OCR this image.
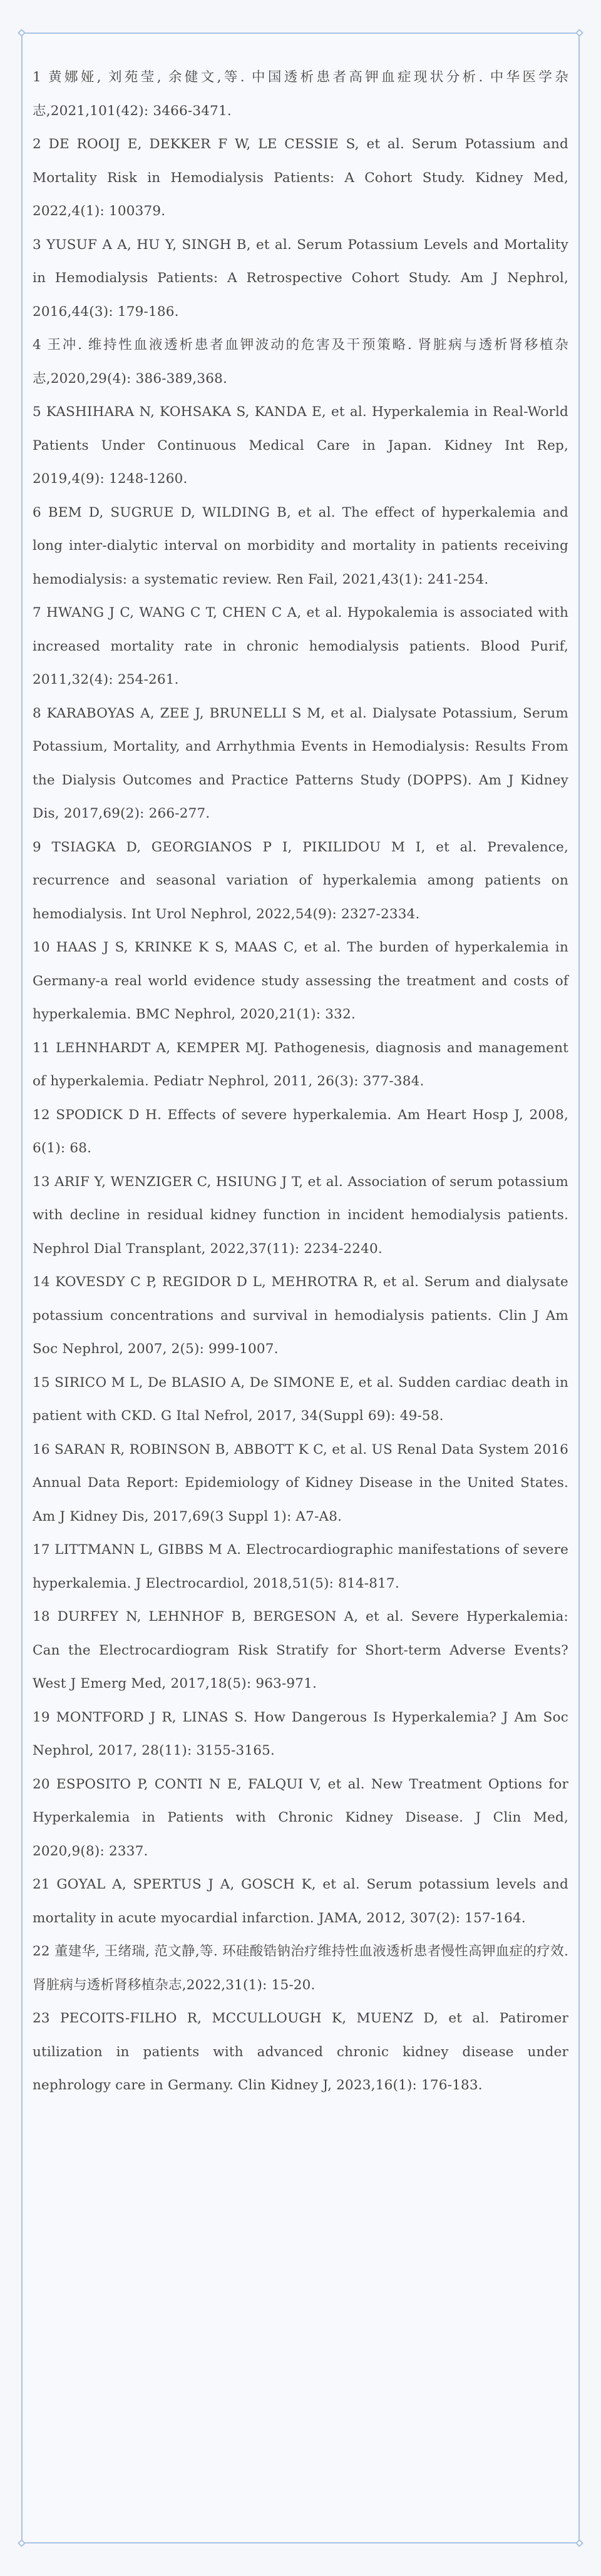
1 黄娜娅, 刘苑莹, 余健文,等. 中国透析患者高钾血症现状分析. 中华医学杂志,2021,101(42): 3466-3471.
2 DE ROOIJ E, DEKKER F W, LE CESSIE S, et al. Serum Potassium and Mortality Risk in Hemodialysis Patients: A Cohort Study. Kidney Med, 2022,4(1): 100379.
3 YUSUF A A, HU Y, SINGH B, et al. Serum Potassium Levels and Mortality in Hemodialysis Patients: A Retrospective Cohort Study. Am J Nephrol, 2016,44(3): 179-186.
4 王冲. 维持性血液透析患者血钾波动的危害及干预策略. 肾脏病与透析肾移植杂志,2020,29(4): 386-389,368.
5 KASHIHARA N, KOHSAKA S, KANDA E, et al. Hyperkalemia in Real-World Patients Under Continuous Medical Care in Japan. Kidney Int Rep, 2019,4(9): 1248-1260.
6 BEM D, SUGRUE D, WILDING B, et al. The effect of hyperkalemia and long inter-dialytic interval on morbidity and mortality in patients receiving hemodialysis: a systematic review. Ren Fail, 2021,43(1): 241-254.
7 HWANG J C, WANG C T, CHEN C A, et al. Hypokalemia is associated with increased mortality rate in chronic hemodialysis patients. Blood Purif, 2011,32(4): 254-261.
8 KARABOYAS A, ZEE J, BRUNELLI S M, et al. Dialysate Potassium, Serum Potassium, Mortality, and Arrhythmia Events in Hemodialysis: Results From the Dialysis Outcomes and Practice Patterns Study (DOPPS). Am J Kidney Dis, 2017,69(2): 266-277.
9 TSIAGKA D, GEORGIANOS P I, PIKILIDOU M I, et al. Prevalence, recurrence and seasonal variation of hyperkalemia among patients on hemodialysis. Int Urol Nephrol, 2022,54(9): 2327-2334.
10 HAAS J S, KRINKE K S, MAAS C, et al. The burden of hyperkalemia in Germany-a real world evidence study assessing the treatment and costs of hyperkalemia. BMC Nephrol, 2020,21(1): 332.
11 LEHNHARDT A, KEMPER MJ. Pathogenesis, diagnosis and management of hyperkalemia. Pediatr Nephrol, 2011, 26(3): 377-384.
12 SPODICK D H. Effects of severe hyperkalemia. Am Heart Hosp J, 2008, 6(1): 68.
13 ARIF Y, WENZIGER C, HSIUNG J T, et al. Association of serum potassium with decline in residual kidney function in incident hemodialysis patients. Nephrol Dial Transplant, 2022,37(11): 2234-2240.
14 KOVESDY C P, REGIDOR D L, MEHROTRA R, et al. Serum and dialysate potassium concentrations and survival in hemodialysis patients. Clin J Am Soc Nephrol, 2007, 2(5): 999-1007.
15 SIRICO M L, De BLASIO A, De SIMONE E, et al. Sudden cardiac death in patient with CKD. G Ital Nefrol, 2017, 34(Suppl 69): 49-58.
16 SARAN R, ROBINSON B, ABBOTT K C, et al. US Renal Data System 2016 Annual Data Report: Epidemiology of Kidney Disease in the United States. Am J Kidney Dis, 2017,69(3 Suppl 1): A7-A8.
17 LITTMANN L, GIBBS M A. Electrocardiographic manifestations of severe hyperkalemia. J Electrocardiol, 2018,51(5): 814-817.
18 DURFEY N, LEHNHOF B, BERGESON A, et al. Severe Hyperkalemia: Can the Electrocardiogram Risk Stratify for Short-term Adverse Events? West J Emerg Med, 2017,18(5): 963-971.
19 MONTFORD J R, LINAS S. How Dangerous Is Hyperkalemia? J Am Soc Nephrol, 2017, 28(11): 3155-3165.
20 ESPOSITO P, CONTI N E, FALQUI V, et al. New Treatment Options for Hyperkalemia in Patients with Chronic Kidney Disease. J Clin Med, 2020,9(8): 2337.
21 GOYAL A, SPERTUS J A, GOSCH K, et al. Serum potassium levels and mortality in acute myocardial infarction. JAMA, 2012, 307(2): 157-164.
22 董建华, 王绪瑞, 范文静,等. 环硅酸锆钠治疗维持性血液透析患者慢性高钾血症的疗效. 肾脏病与透析肾移植杂志,2022,31(1): 15-20.
23 PECOITS-FILHO R, MCCULLOUGH K, MUENZ D, et al. Patiromer utilization in patients with advanced chronic kidney disease under nephrology care in Germany. Clin Kidney J, 2023,16(1): 176-183.
